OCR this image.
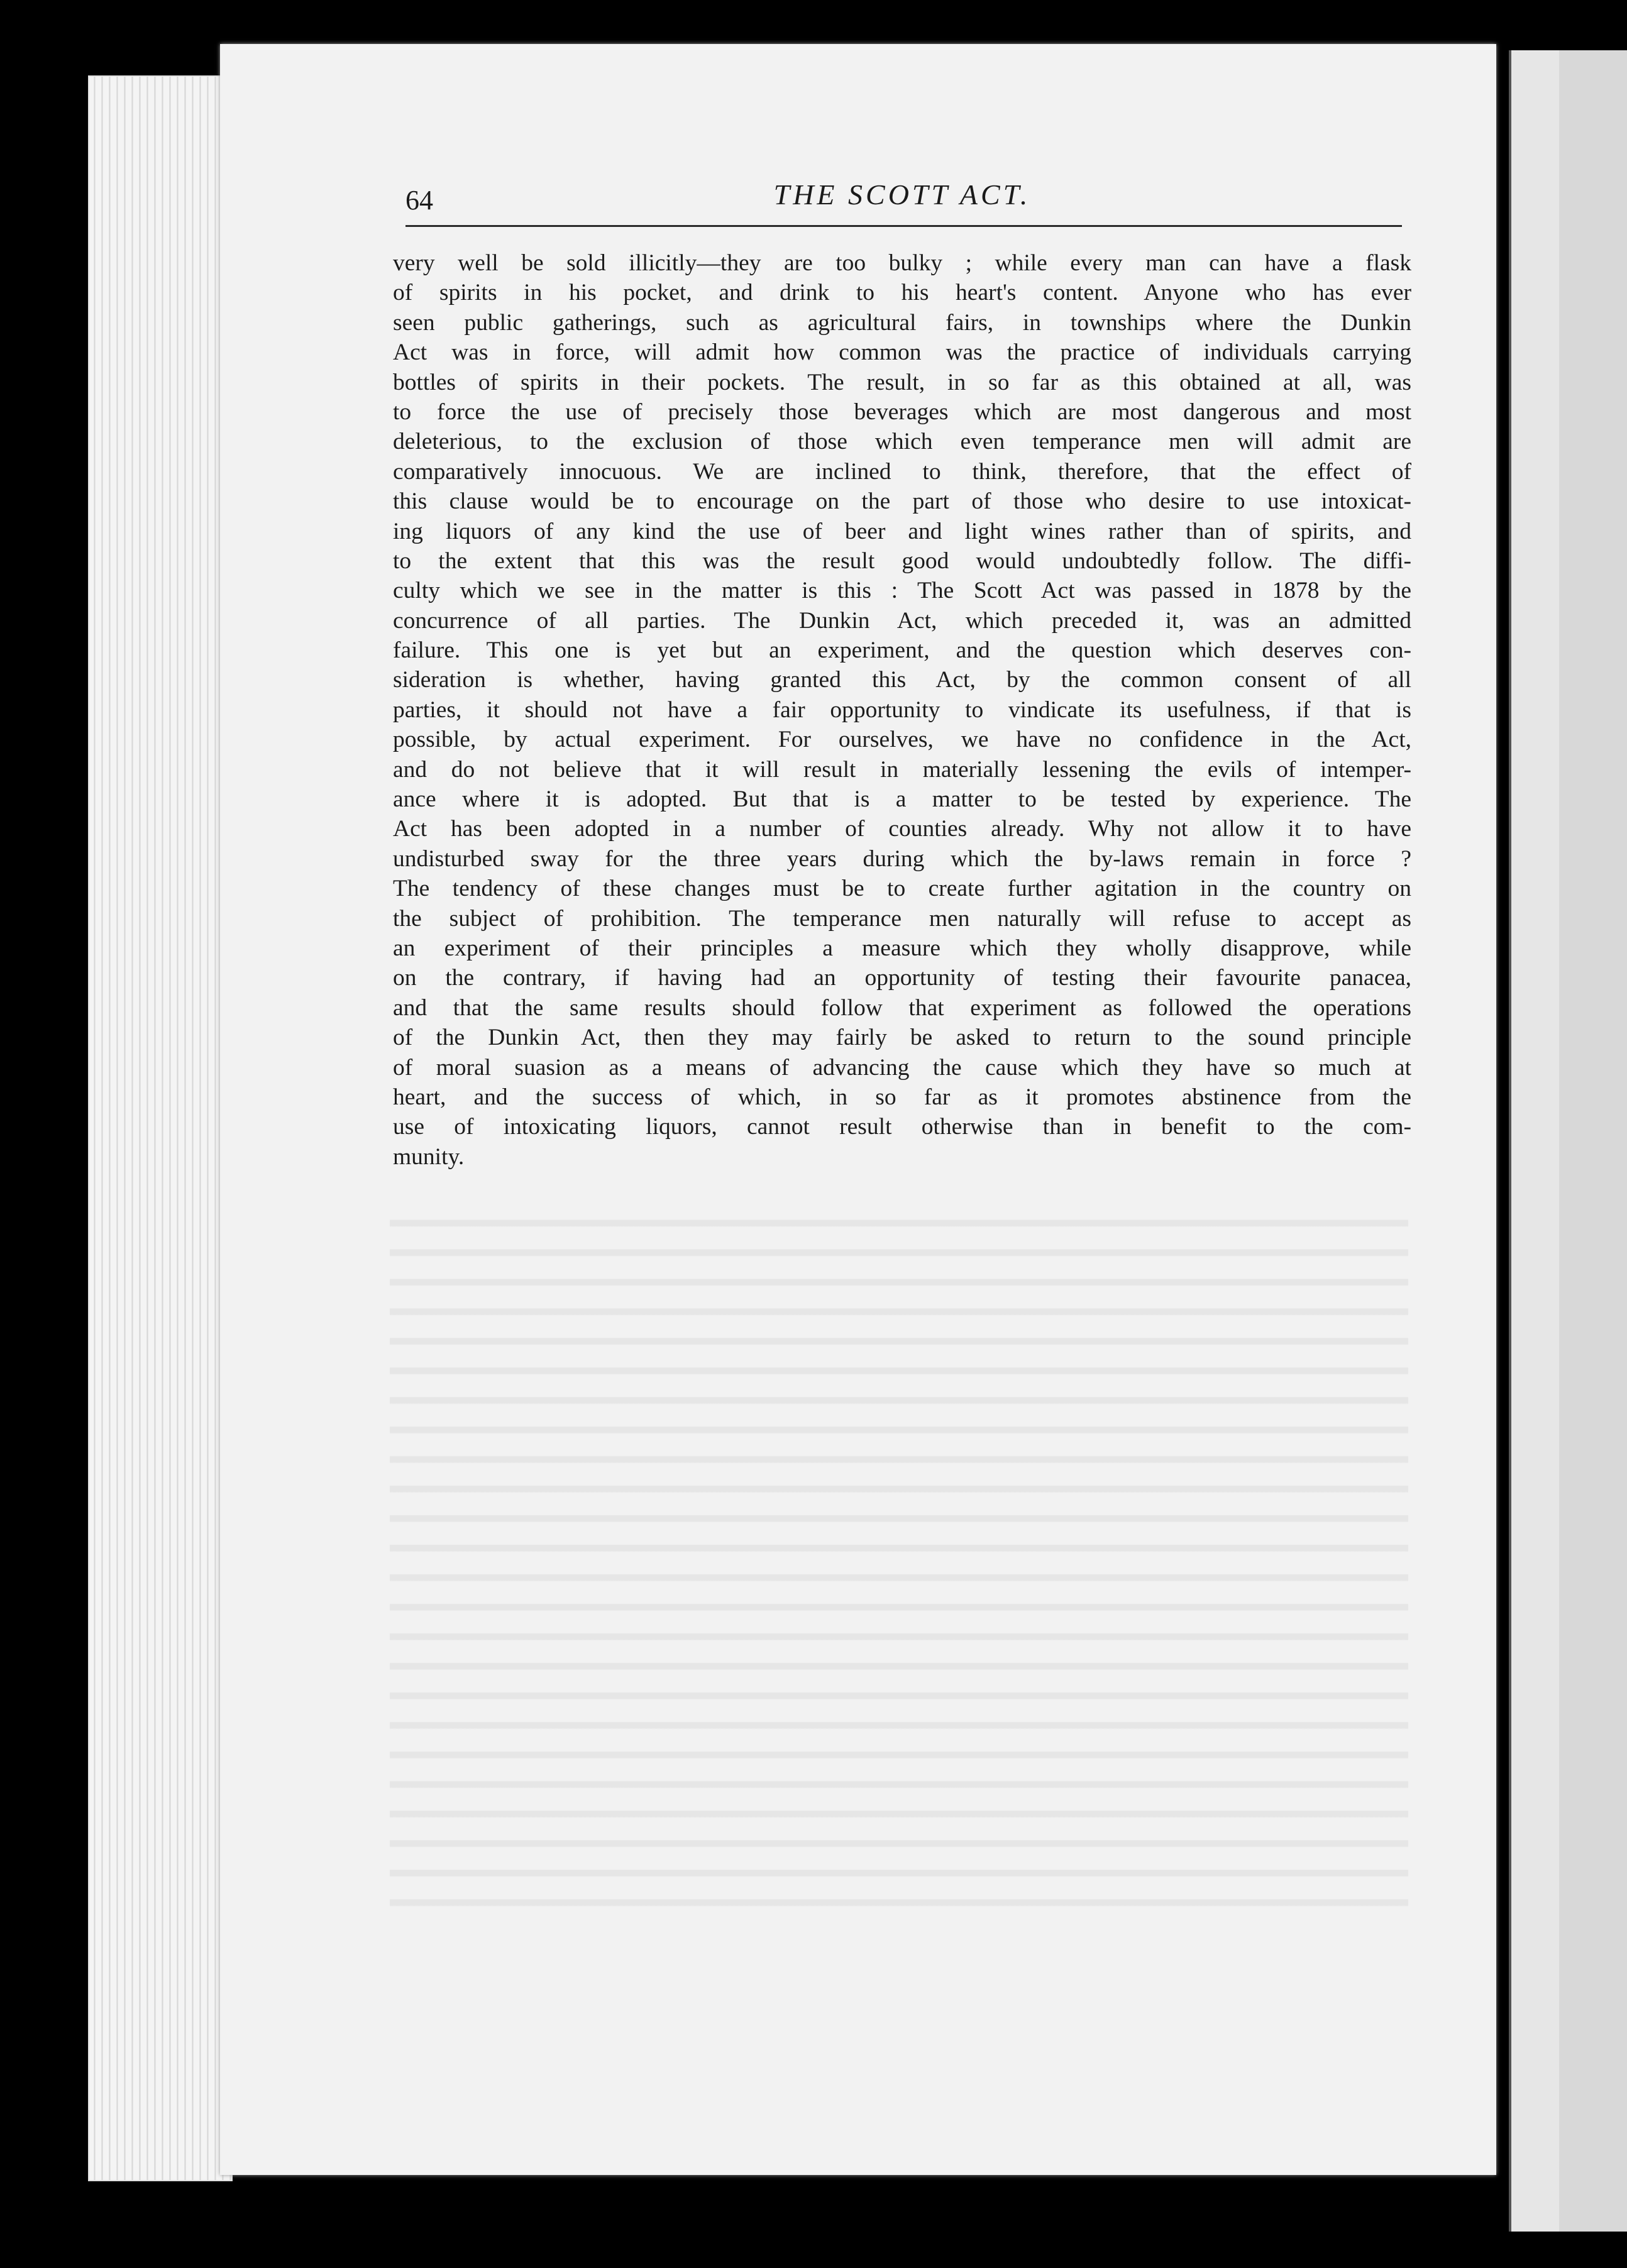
64	THE SCOTT ACT.
very well be sold illicitly—they are too bulky ; while every man can have a flask
of spirits in his pocket, and drink to his heart's content. Anyone who has ever
seen public gatherings, such as agricultural fairs, in townships where the Dunkin
Act was in force, will admit how common was the practice of individuals carrying
bottles of spirits in their pockets. The result, in so far as this obtained at all, was
to force the use of precisely those beverages which are most dangerous and most
deleterious, to the exclusion of those which even temperance men will admit are
comparatively innocuous. We are inclined to think, therefore, that the effect of
this clause would be to encourage on the part of those who desire to use intoxicat-
ing liquors of any kind the use of beer and light wines rather than of spirits, and
to the extent that this was the result good would undoubtedly follow. The diffi-
culty which we see in the matter is this : The Scott Act was passed in 1878 by the
concurrence of all parties. The Dunkin Act, which preceded it, was an admitted
failure. This one is yet but an experiment, and the question which deserves con-
sideration is whether, having granted this Act, by the common consent of all
parties, it should not have a fair opportunity to vindicate its usefulness, if that is
possible, by actual experiment. For ourselves, we have no confidence in the Act,
and do not believe that it will result in materially lessening the evils of intemper-
ance where it is adopted. But that is a matter to be tested by experience. The
Act has been adopted in a number of counties already. Why not allow it to have
undisturbed sway for the three years during which the by-laws remain in force ?
The tendency of these changes must be to create further agitation in the country on
the subject of prohibition. The temperance men naturally will refuse to accept as
an experiment of their principles a measure which they wholly disapprove, while
on the contrary, if having had an opportunity of testing their favourite panacea,
and that the same results should follow that experiment as followed the operations
of the Dunkin Act, then they may fairly be asked to return to the sound principle
of moral suasion as a means of advancing the cause which they have so much at
heart, and the success of which, in so far as it promotes abstinence from the
use of intoxicating liquors, cannot result otherwise than in benefit to the com-
munity.
